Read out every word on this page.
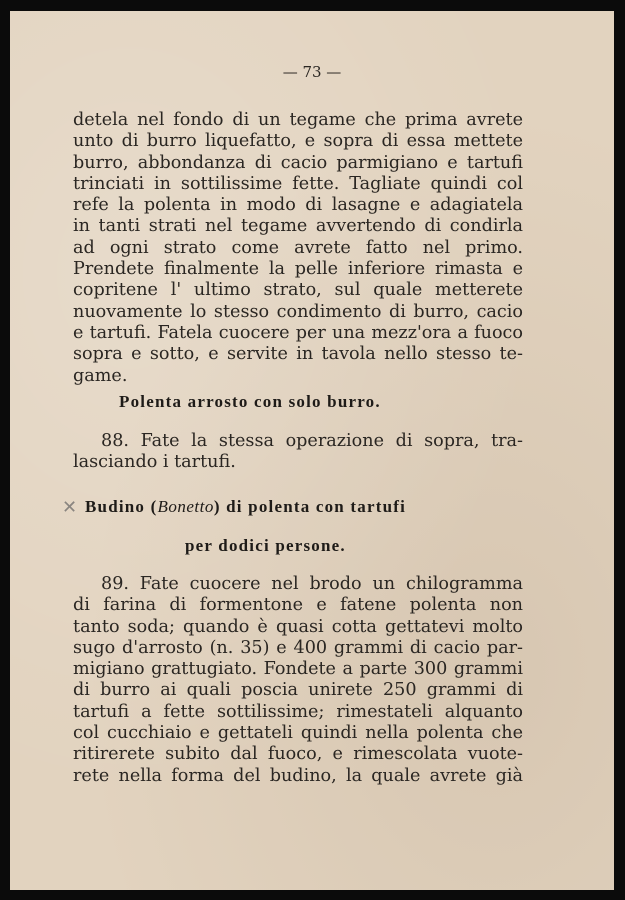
— 73 —
detela nel fondo di un tegame che prima avrete
unto di burro liquefatto, e sopra di essa mettete
burro, abbondanza di cacio parmigiano e tartufi
trinciati in sottilissime fette. Tagliate quindi col
refe la polenta in modo di lasagne e adagiatela
in tanti strati nel tegame avvertendo di condirla
ad ogni strato come avrete fatto nel primo.
Prendete finalmente la pelle inferiore rimasta e
copritene l' ultimo strato, sul quale metterete
nuovamente lo stesso condimento di burro, cacio
e tartufi. Fatela cuocere per una mezz'ora a fuoco
sopra e sotto, e servite in tavola nello stesso te-
game.
Polenta arrosto con solo burro.
88. Fate la stessa operazione di sopra, tra-
lasciando i tartufi.
✕ Budino (Bonetto) di polenta con tartufi
per dodici persone.
89. Fate cuocere nel brodo un chilogramma
di farina di formentone e fatene polenta non
tanto soda; quando è quasi cotta gettatevi molto
sugo d'arrosto (n. 35) e 400 grammi di cacio par-
migiano grattugiato. Fondete a parte 300 grammi
di burro ai quali poscia unirete 250 grammi di
tartufi a fette sottilissime; rimestateli alquanto
col cucchiaio e gettateli quindi nella polenta che
ritirerete subito dal fuoco, e rimescolata vuote-
rete nella forma del budino, la quale avrete già
